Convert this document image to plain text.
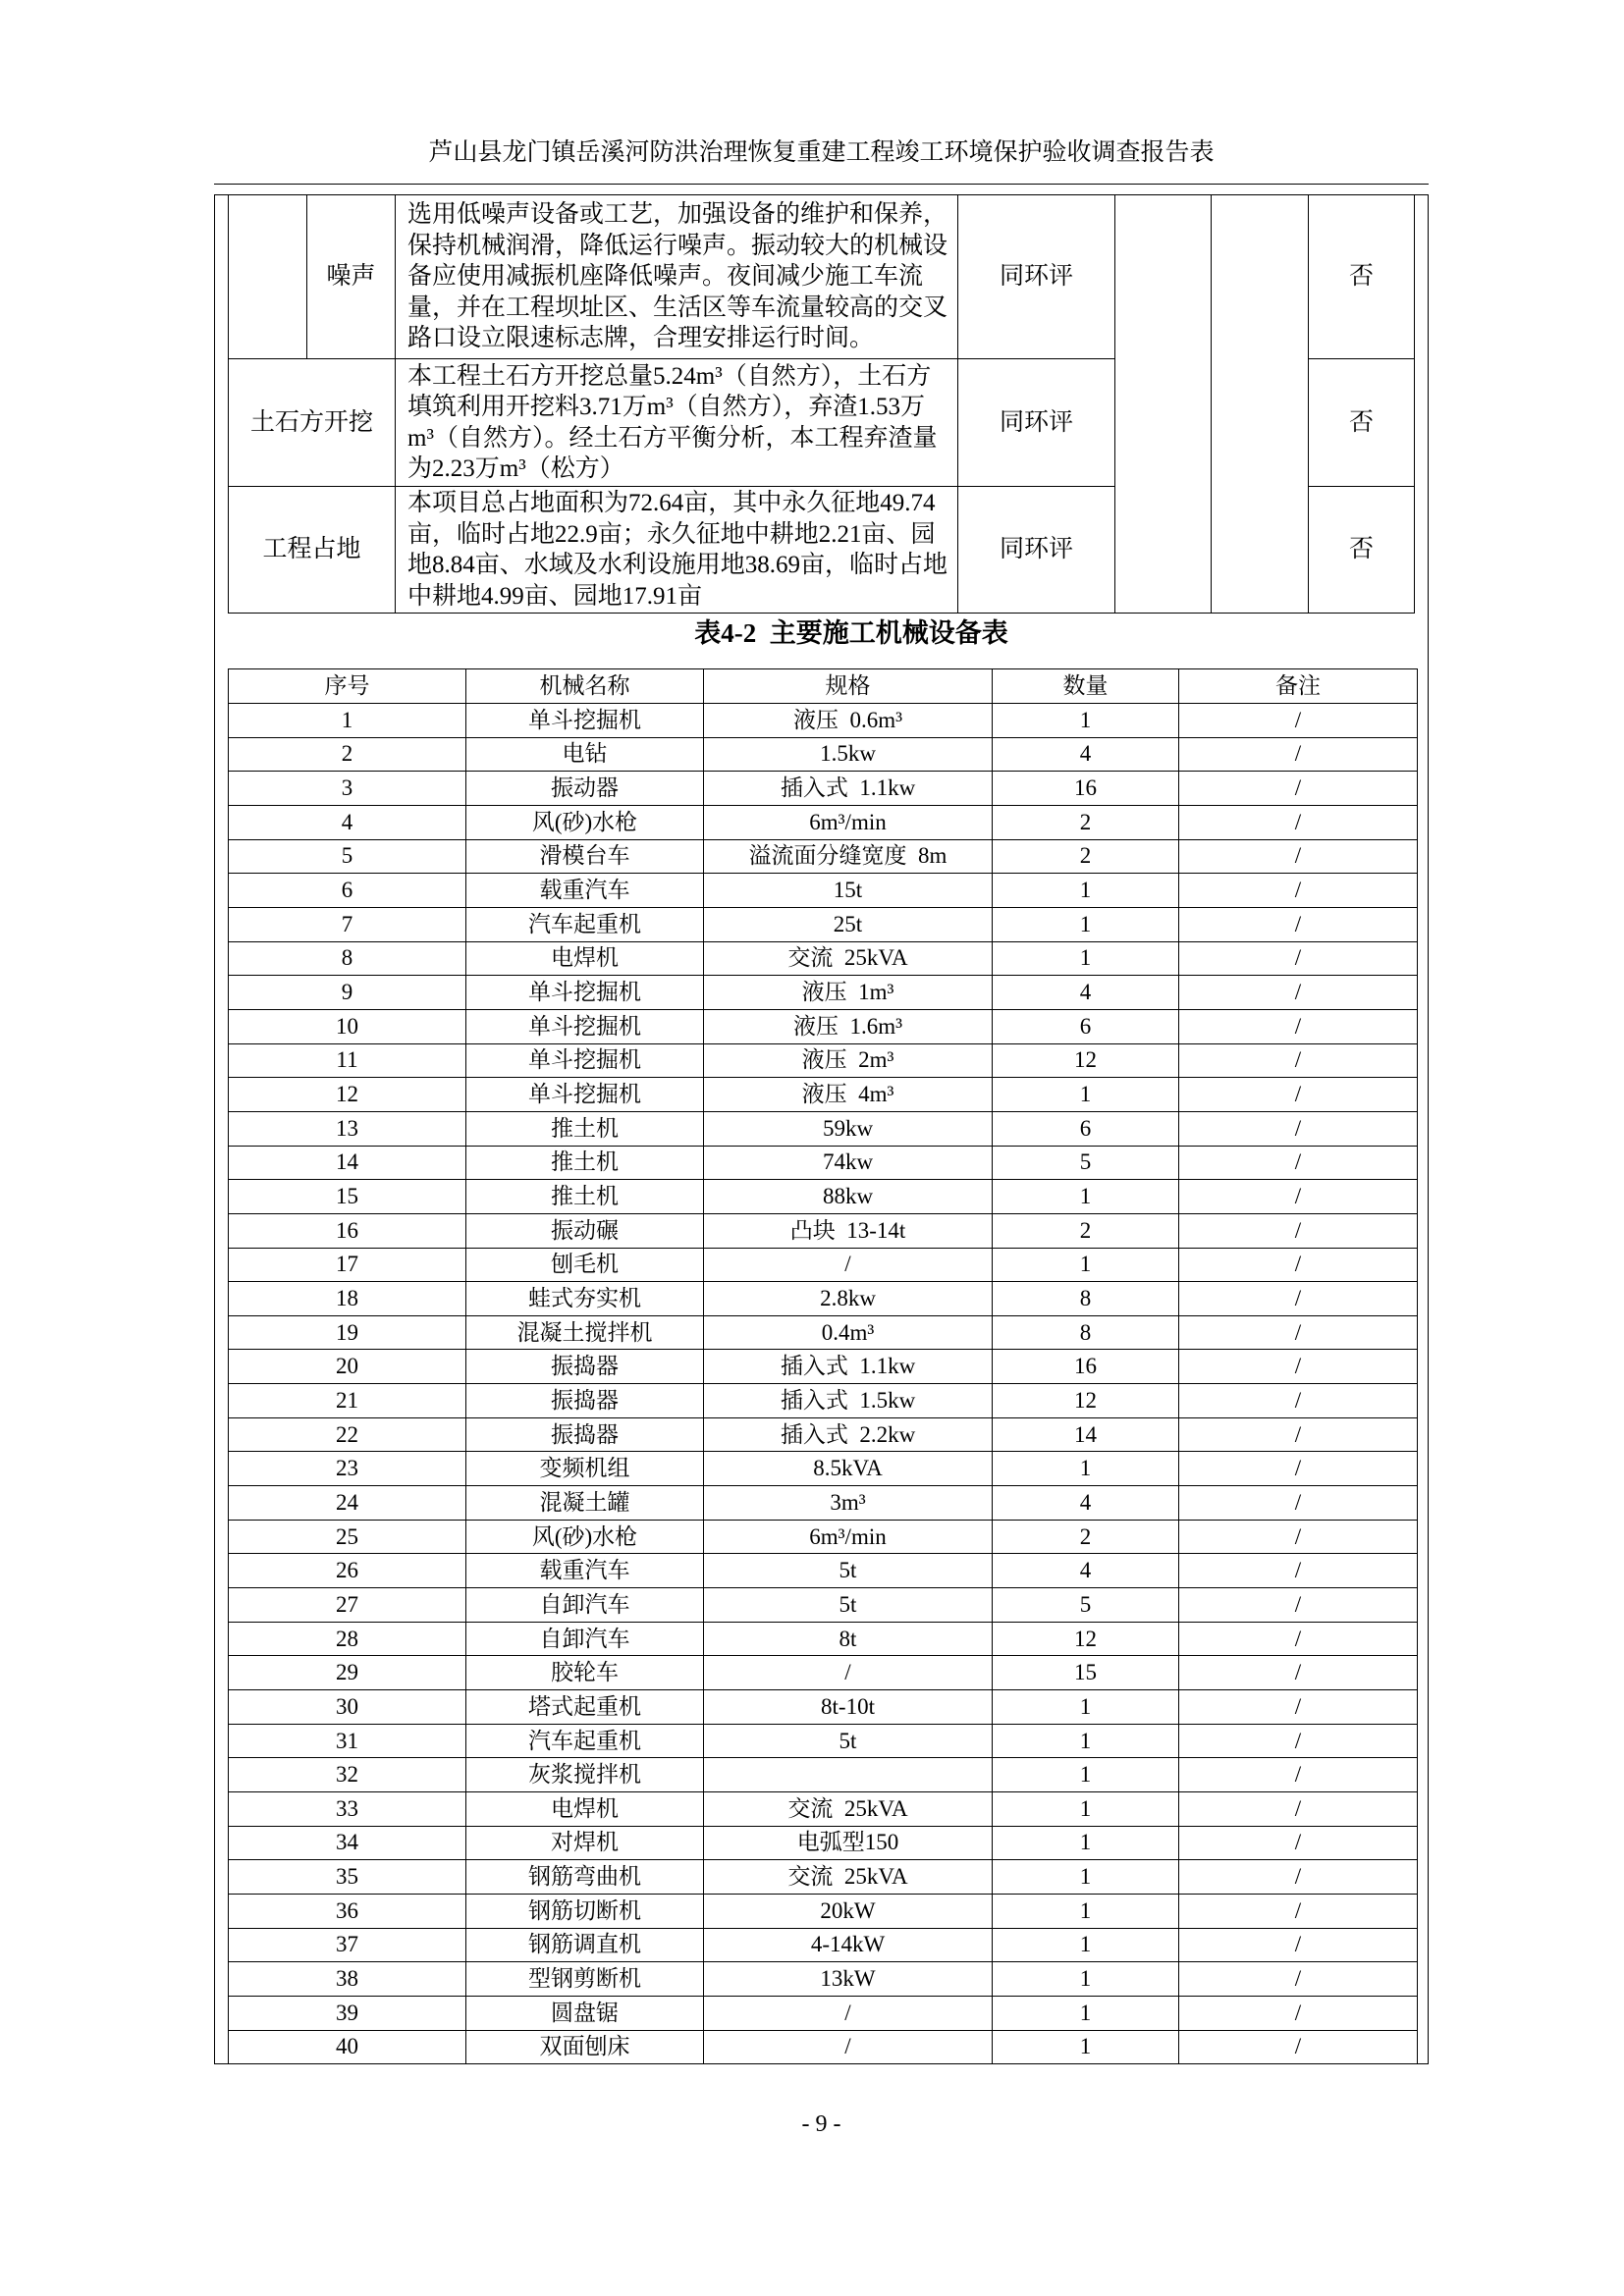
芦山县龙门镇岳溪河防洪治理恢复重建工程竣工环境保护验收调查报告表
	噪声	选用低噪声设备或工艺，加强设备的维护和保养，
保持机械润滑，降低运行噪声。振动较大的机械设
备应使用减振机座降低噪声。夜间减少施工车流
量，并在工程坝址区、生活区等车流量较高的交叉
路口设立限速标志牌，合理安排运行时间。	同环评			否
土石方开挖		本工程土石方开挖总量5.24m³（自然方），土石方
填筑利用开挖料3.71万m³（自然方），弃渣1.53万
m³（自然方）。经土石方平衡分析，本工程弃渣量
为2.23万m³（松方）	同环评			否
工程占地		本项目总占地面积为72.64亩，其中永久征地49.74
亩，临时占地22.9亩；永久征地中耕地2.21亩、园
地8.84亩、水域及水利设施用地38.69亩，临时占地
中耕地4.99亩、园地17.91亩	同环评			否
表4-2  主要施工机械设备表
序号	机械名称	规格	数量	备注
1	单斗挖掘机	液压  0.6m³	1	/
2	电钻	1.5kw	4	/
3	振动器	插入式  1.1kw	16	/
4	风(砂)水枪	6m³/min	2	/
5	滑模台车	溢流面分缝宽度  8m	2	/
6	载重汽车	15t	1	/
7	汽车起重机	25t	1	/
8	电焊机	交流  25kVA	1	/
9	单斗挖掘机	液压  1m³	4	/
10	单斗挖掘机	液压  1.6m³	6	/
11	单斗挖掘机	液压  2m³	12	/
12	单斗挖掘机	液压  4m³	1	/
13	推土机	59kw	6	/
14	推土机	74kw	5	/
15	推土机	88kw	1	/
16	振动碾	凸块  13-14t	2	/
17	刨毛机	/	1	/
18	蛙式夯实机	2.8kw	8	/
19	混凝土搅拌机	0.4m³	8	/
20	振捣器	插入式  1.1kw	16	/
21	振捣器	插入式  1.5kw	12	/
22	振捣器	插入式  2.2kw	14	/
23	变频机组	8.5kVA	1	/
24	混凝土罐	3m³	4	/
25	风(砂)水枪	6m³/min	2	/
26	载重汽车	5t	4	/
27	自卸汽车	5t	5	/
28	自卸汽车	8t	12	/
29	胶轮车	/	15	/
30	塔式起重机	8t-10t	1	/
31	汽车起重机	5t	1	/
32	灰浆搅拌机		1	/
33	电焊机	交流  25kVA	1	/
34	对焊机	电弧型150	1	/
35	钢筋弯曲机	交流  25kVA	1	/
36	钢筋切断机	20kW	1	/
37	钢筋调直机	4-14kW	1	/
38	型钢剪断机	13kW	1	/
39	圆盘锯	/	1	/
40	双面刨床	/	1	/
- 9 -
